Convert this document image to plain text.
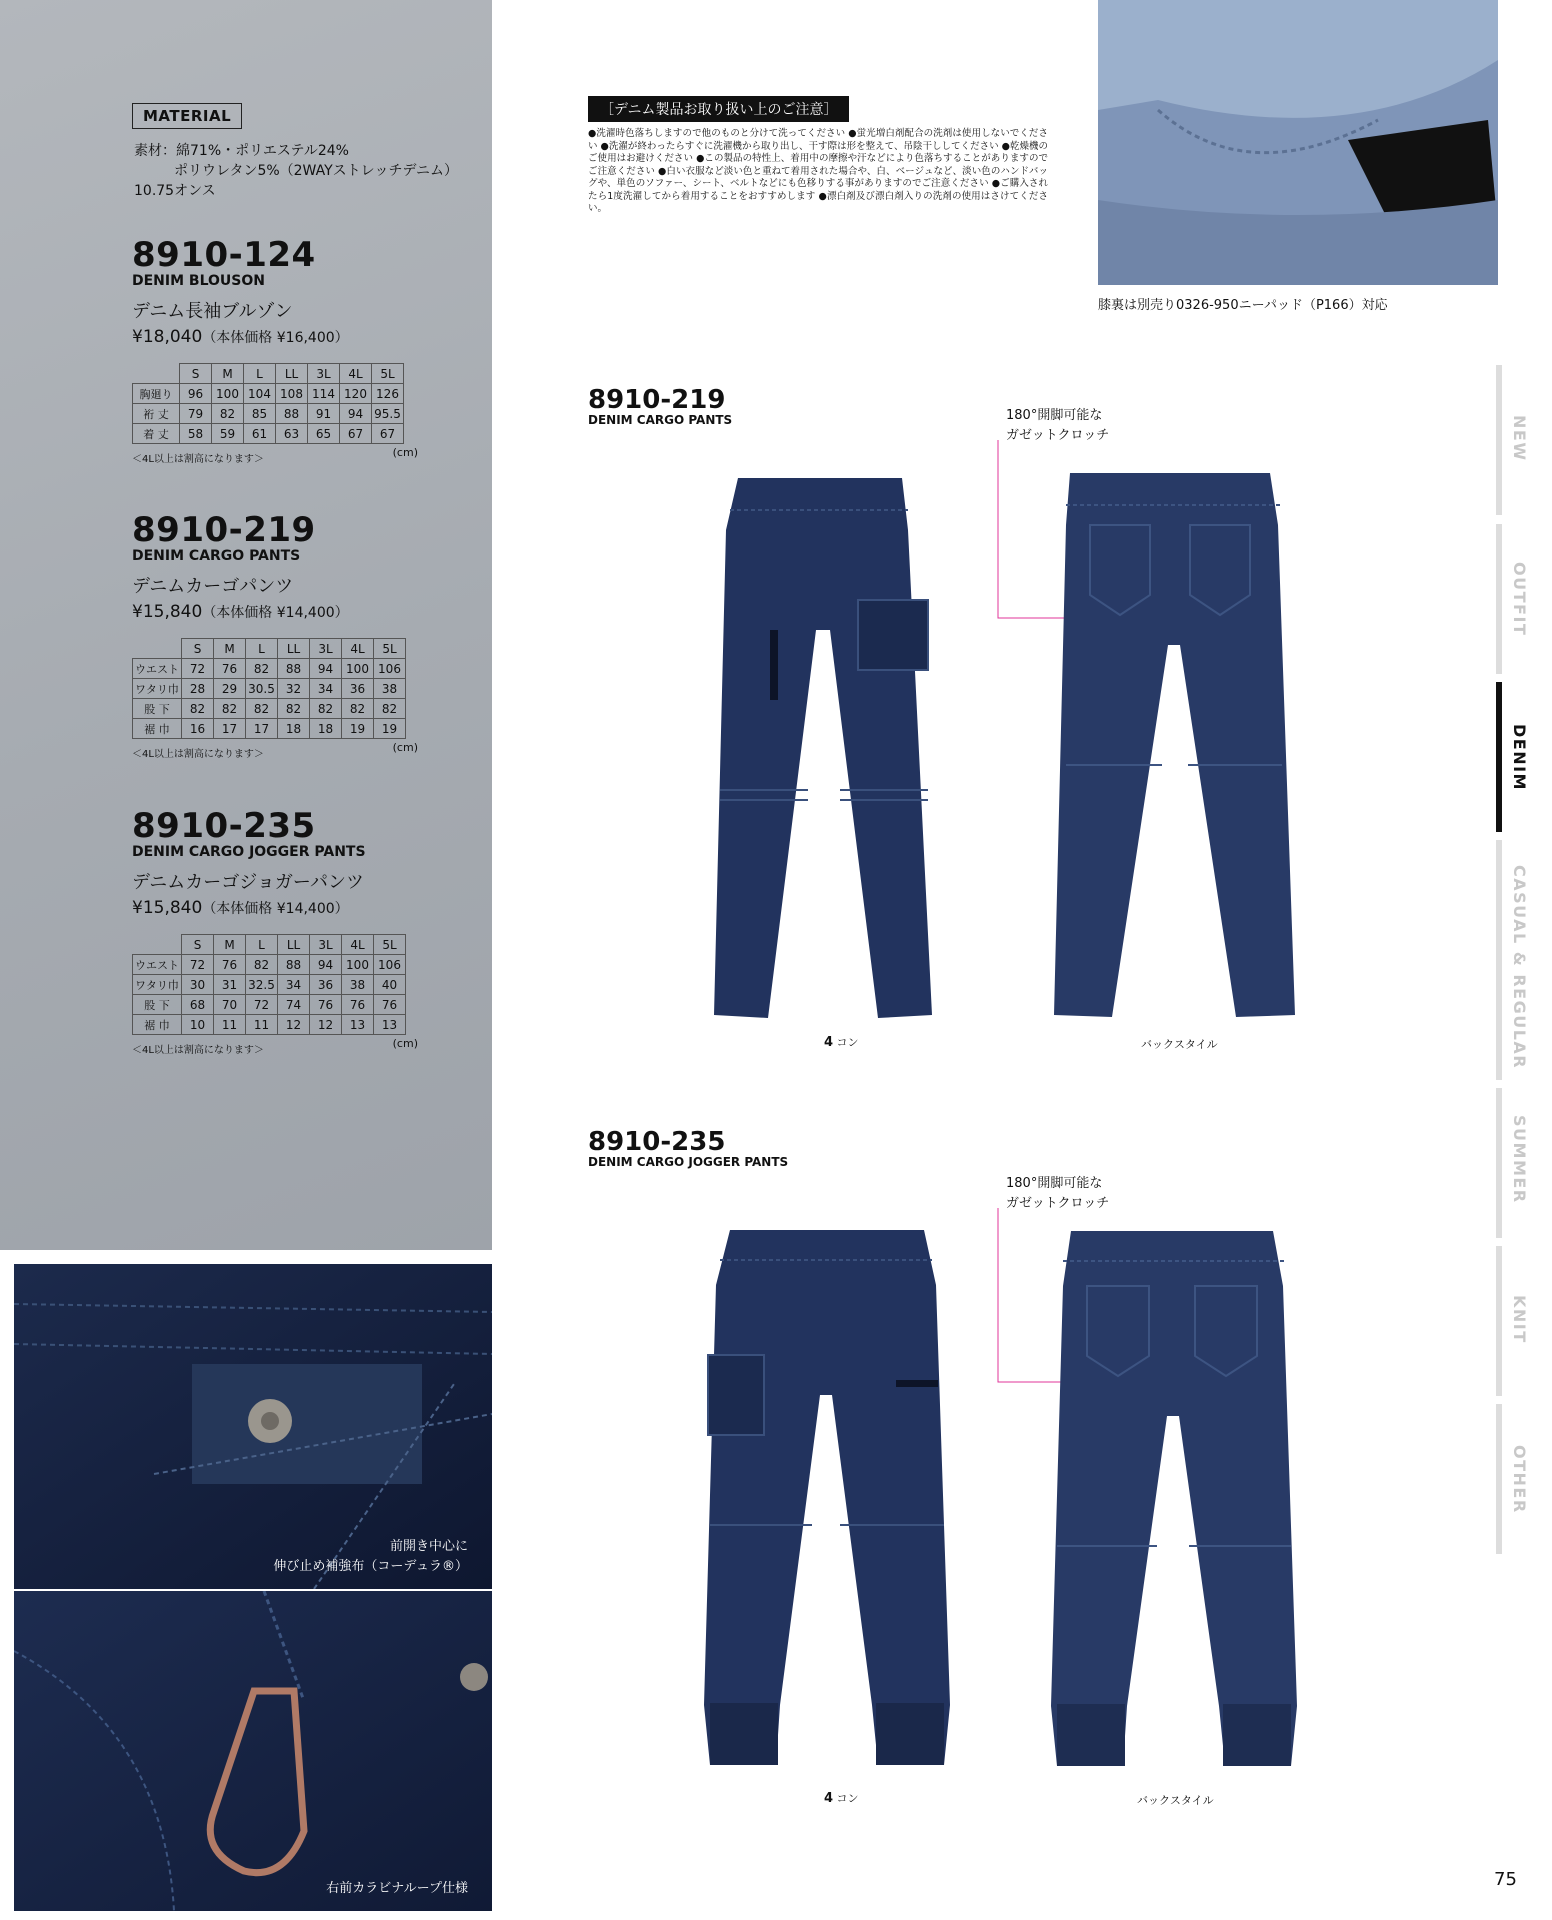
MATERIAL
素材：綿71%・ポリエステル24%
ポリウレタン5%（2WAYストレッチデニム）
10.75オンス
8910-124
DENIM BLOUSON
デニム長袖ブルゾン
¥18,040（本体価格 ¥16,400）
	S	M	L	LL	3L	4L	5L
胸廻り	96	100	104	108	114	120	126
裄 丈	79	82	85	88	91	94	95.5
着 丈	58	59	61	63	65	67	67
＜4L以上は割高になります＞
(cm)
8910-219
DENIM CARGO PANTS
デニムカーゴパンツ
¥15,840（本体価格 ¥14,400）
	S	M	L	LL	3L	4L	5L
ウエスト	72	76	82	88	94	100	106
ワタリ巾	28	29	30.5	32	34	36	38
股 下	82	82	82	82	82	82	82
裾 巾	16	17	17	18	18	19	19
＜4L以上は割高になります＞
(cm)
8910-235
DENIM CARGO JOGGER PANTS
デニムカーゴジョガーパンツ
¥15,840（本体価格 ¥14,400）
	S	M	L	LL	3L	4L	5L
ウエスト	72	76	82	88	94	100	106
ワタリ巾	30	31	32.5	34	36	38	40
股 下	68	70	72	74	76	76	76
裾 巾	10	11	11	12	12	13	13
＜4L以上は割高になります＞
(cm)
前開き中心に
伸び止め補強布（コーデュラ®）
右前カラビナループ仕様
［デニム製品お取り扱い上のご注意］
●洗濯時色落ちしますので他のものと分けて洗ってください ●蛍光増白剤配合の洗剤は使用しないでください ●洗濯が終わったらすぐに洗濯機から取り出し、干す際は形を整えて、吊陰干ししてください ●乾燥機のご使用はお避けください ●この製品の特性上、着用中の摩擦や汗などにより色落ちすることがありますのでご注意ください ●白い衣服など淡い色と重ねて着用された場合や、白、ベージュなど、淡い色のハンドバッグや、単色のソファー、シート、ベルトなどにも色移りする事がありますのでご注意ください ●ご購入されたら1度洗濯してから着用することをおすすめします ●漂白剤及び漂白剤入りの洗剤の使用はさけてください。
膝裏は別売り0326-950ニーパッド（P166）対応
8910-219
DENIM CARGO PANTS	180°開脚可能な
ガゼットクロッチ
4 コン	バックスタイル
8910-235
DENIM CARGO JOGGER PANTS
180°開脚可能な
ガゼットクロッチ
4 コン	バックスタイル
NEW
OUTFIT
DENIM
CASUAL & REGULAR
SUMMER
KNIT
OTHER
75
